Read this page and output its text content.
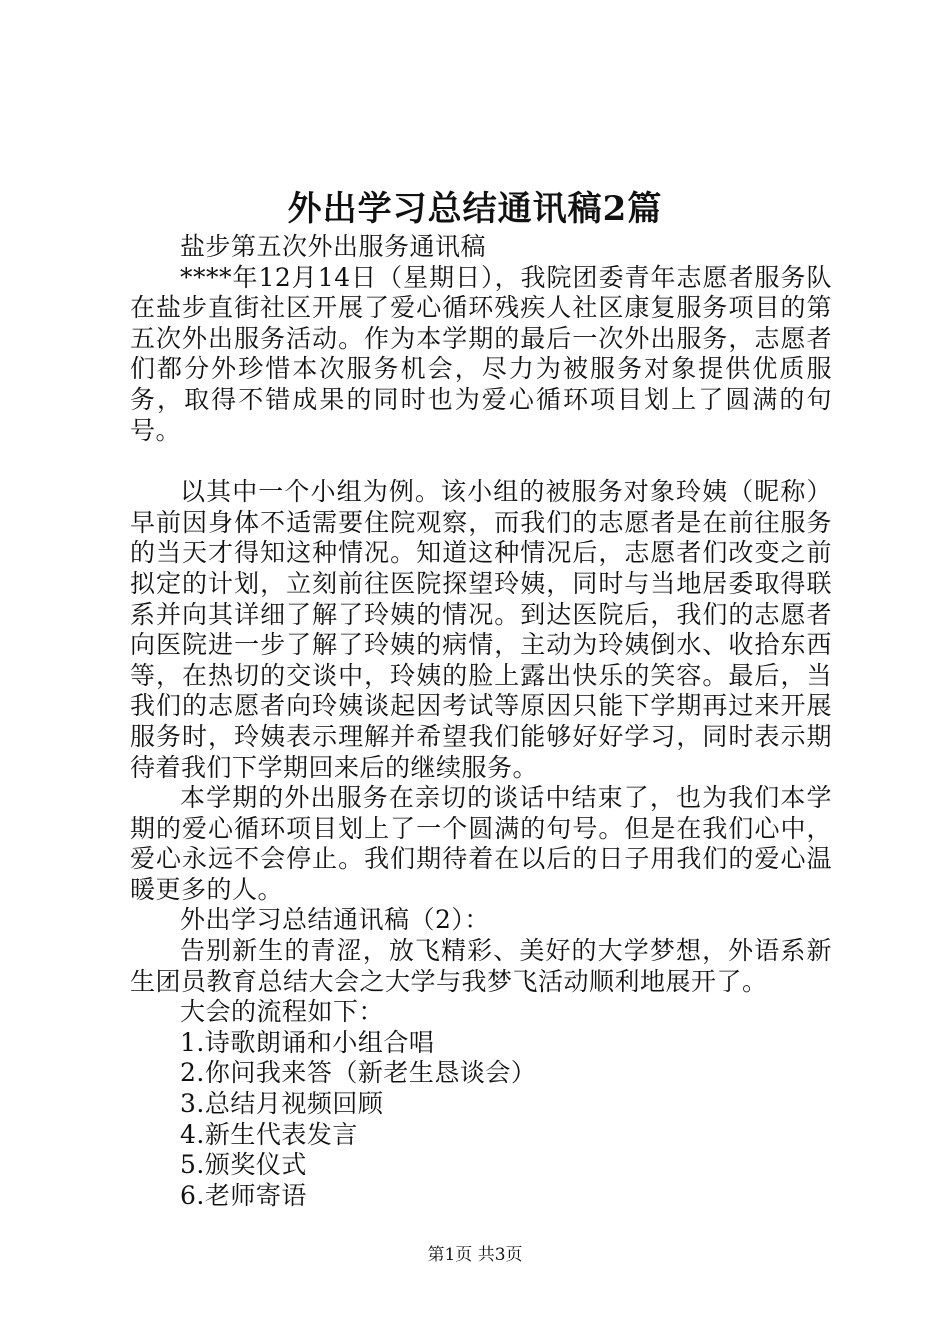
外出学习总结通讯稿2篇

盐步第五次外出服务通讯稿

****年12月14日（星期日），我院团委青年志愿者服务队在盐步直街社区开展了爱心循环残疾人社区康复服务项目的第五次外出服务活动。作为本学期的最后一次外出服务，志愿者们都分外珍惜本次服务机会，尽力为被服务对象提供优质服务，取得不错成果的同时也为爱心循环项目划上了圆满的句号。

以其中一个小组为例。该小组的被服务对象玲姨（昵称）早前因身体不适需要住院观察，而我们的志愿者是在前往服务的当天才得知这种情况。知道这种情况后，志愿者们改变之前拟定的计划，立刻前往医院探望玲姨，同时与当地居委取得联系并向其详细了解了玲姨的情况。到达医院后，我们的志愿者向医院进一步了解了玲姨的病情，主动为玲姨倒水、收拾东西等，在热切的交谈中，玲姨的脸上露出快乐的笑容。最后，当我们的志愿者向玲姨谈起因考试等原因只能下学期再过来开展服务时，玲姨表示理解并希望我们能够好好学习，同时表示期待着我们下学期回来后的继续服务。

本学期的外出服务在亲切的谈话中结束了，也为我们本学期的爱心循环项目划上了一个圆满的句号。但是在我们心中，爱心永远不会停止。我们期待着在以后的日子用我们的爱心温暖更多的人。

外出学习总结通讯稿（2）：

告别新生的青涩，放飞精彩、美好的大学梦想，外语系新生团员教育总结大会之大学与我梦飞活动顺利地展开了。

大会的流程如下：

1.诗歌朗诵和小组合唱

2.你问我来答（新老生恳谈会）

3.总结月视频回顾

4.新生代表发言

5.颁奖仪式

6.老师寄语

第1页 共3页
